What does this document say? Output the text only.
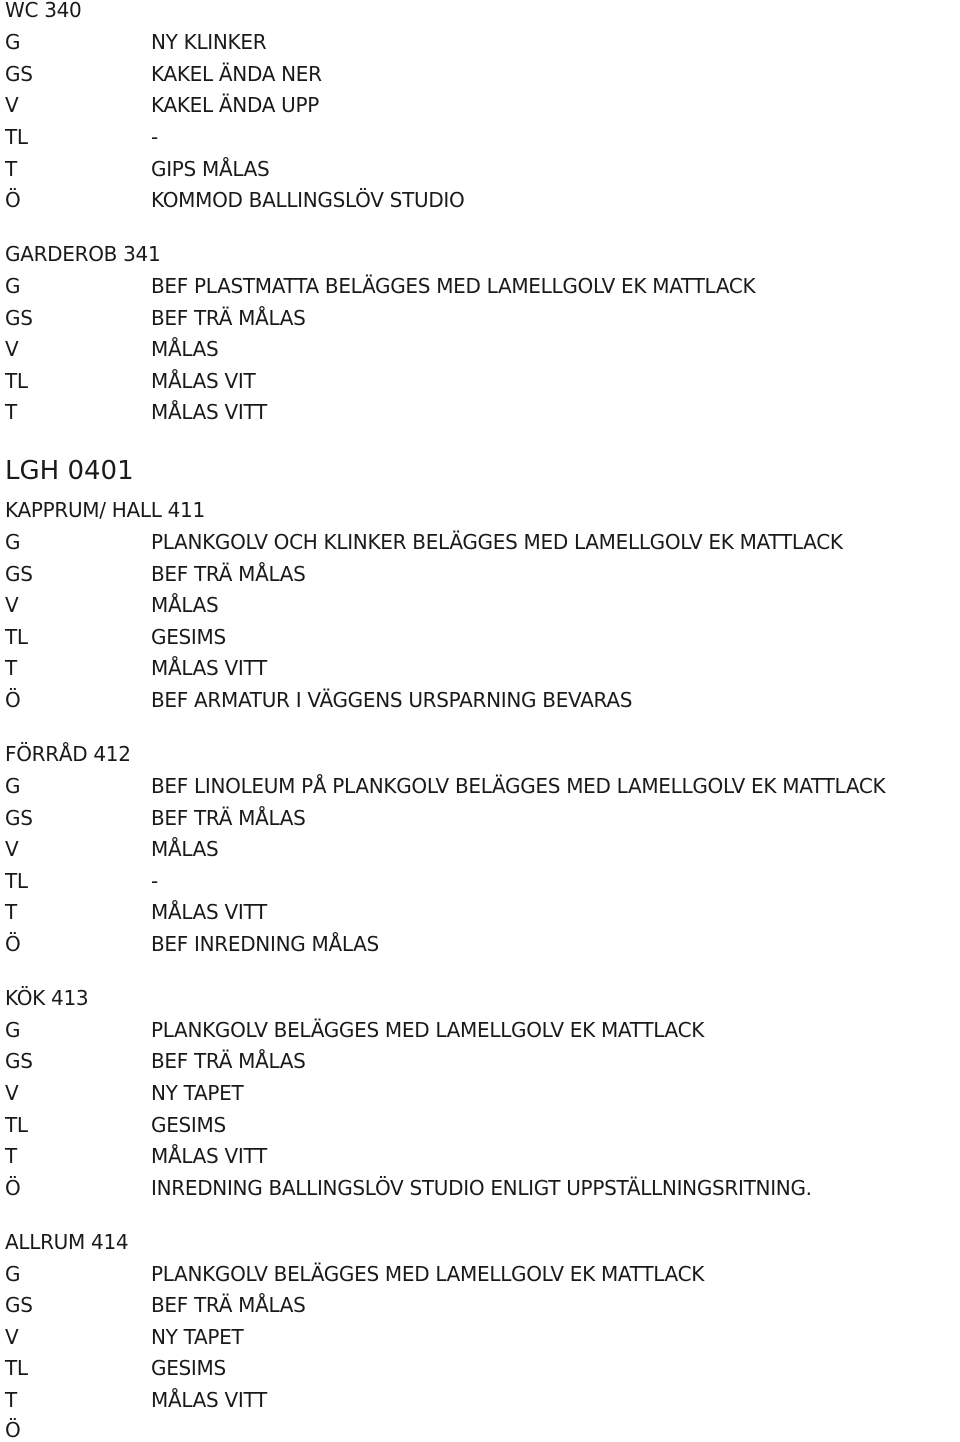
WC 340
G	NY KLINKER
GS	KAKEL ÄNDA NER
V	KAKEL ÄNDA UPP
TL	-
T	GIPS MÅLAS
Ö	KOMMOD BALLINGSLÖV STUDIO
GARDEROB 341
G	BEF PLASTMATTA BELÄGGES MED LAMELLGOLV EK MATTLACK
GS	BEF TRÄ MÅLAS
V	MÅLAS
TL	MÅLAS VIT
T	MÅLAS VITT
LGH 0401
KAPPRUM/ HALL 411
G	PLANKGOLV OCH KLINKER BELÄGGES MED LAMELLGOLV EK MATTLACK
GS	BEF TRÄ MÅLAS
V	MÅLAS
TL	GESIMS
T	MÅLAS VITT
Ö	BEF ARMATUR I VÄGGENS URSPARNING BEVARAS
FÖRRÅD 412
G	BEF LINOLEUM PÅ PLANKGOLV BELÄGGES MED LAMELLGOLV EK MATTLACK
GS	BEF TRÄ MÅLAS
V	MÅLAS
TL	-
T	MÅLAS VITT
Ö	BEF INREDNING MÅLAS
KÖK 413
G	PLANKGOLV BELÄGGES MED LAMELLGOLV EK MATTLACK
GS	BEF TRÄ MÅLAS
V	NY TAPET
TL	GESIMS
T	MÅLAS VITT
Ö	INREDNING BALLINGSLÖV STUDIO ENLIGT UPPSTÄLLNINGSRITNING.
ALLRUM 414
G	PLANKGOLV BELÄGGES MED LAMELLGOLV EK MATTLACK
GS	BEF TRÄ MÅLAS
V	NY TAPET
TL	GESIMS
T	MÅLAS VITT
Ö
